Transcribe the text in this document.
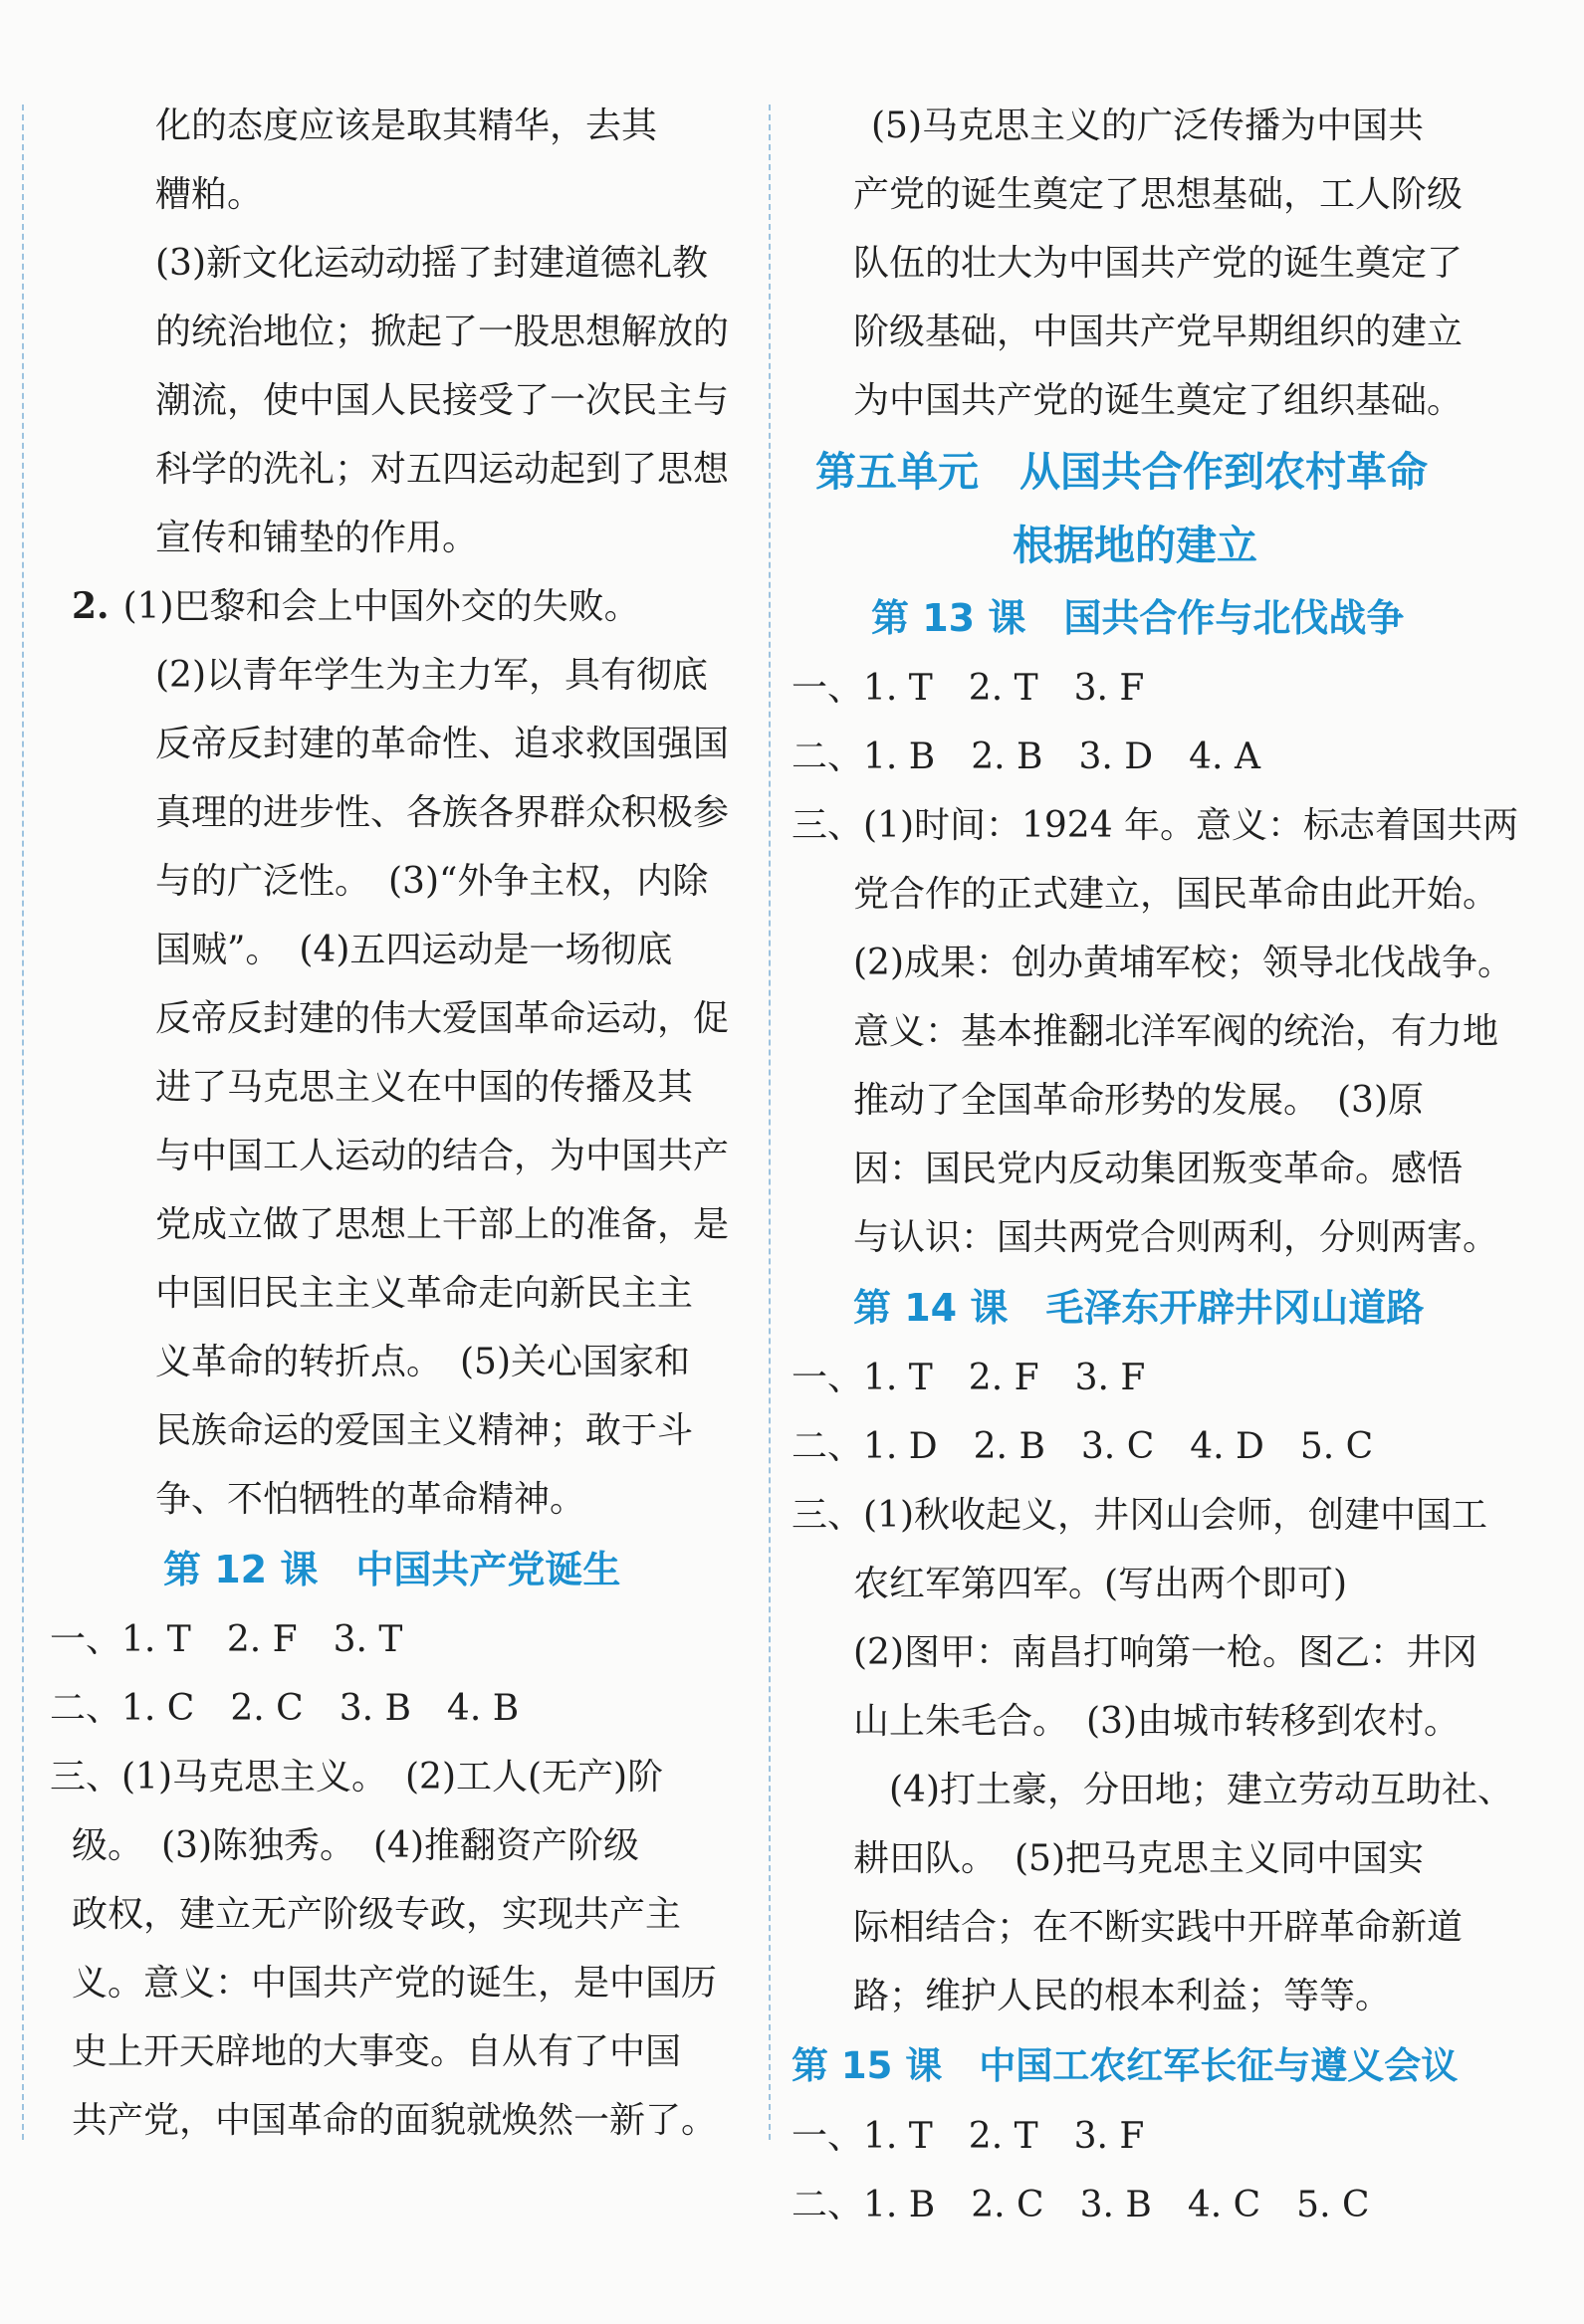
化的态度应该是取其精华，去其
糟粕。
(3)新文化运动动摇了封建道德礼教
的统治地位；掀起了一股思想解放的
潮流，使中国人民接受了一次民主与
科学的洗礼；对五四运动起到了思想
宣传和铺垫的作用。
2. (1)巴黎和会上中国外交的失败。
(2)以青年学生为主力军，具有彻底
反帝反封建的革命性、追求救国强国
真理的进步性、各族各界群众积极参
与的广泛性。　(3)“外争主权，内除
国贼”。　(4)五四运动是一场彻底
反帝反封建的伟大爱国革命运动，促
进了马克思主义在中国的传播及其
与中国工人运动的结合，为中国共产
党成立做了思想上干部上的准备，是
中国旧民主主义革命走向新民主主
义革命的转折点。　(5)关心国家和
民族命运的爱国主义精神；敢于斗
争、不怕牺牲的革命精神。
第 12 课　中国共产党诞生
一、1. T　2. F　3. T
二、1. C　2. C　3. B　4. B
三、(1)马克思主义。　(2)工人(无产)阶
级。　(3)陈独秀。　(4)推翻资产阶级
政权，建立无产阶级专政，实现共产主
义。意义：中国共产党的诞生，是中国历
史上开天辟地的大事变。自从有了中国
共产党，中国革命的面貌就焕然一新了。
(5)马克思主义的广泛传播为中国共
产党的诞生奠定了思想基础，工人阶级
队伍的壮大为中国共产党的诞生奠定了
阶级基础，中国共产党早期组织的建立
为中国共产党的诞生奠定了组织基础。
第五单元　从国共合作到农村革命
根据地的建立
第 13 课　国共合作与北伐战争
一、1. T　2. T　3. F
二、1. B　2. B　3. D　4. A
三、(1)时间：1924 年。意义：标志着国共两
党合作的正式建立，国民革命由此开始。
(2)成果：创办黄埔军校；领导北伐战争。
意义：基本推翻北洋军阀的统治，有力地
推动了全国革命形势的发展。　(3)原
因：国民党内反动集团叛变革命。感悟
与认识：国共两党合则两利，分则两害。
第 14 课　毛泽东开辟井冈山道路
一、1. T　2. F　3. F
二、1. D　2. B　3. C　4. D　5. C
三、(1)秋收起义，井冈山会师，创建中国工
农红军第四军。(写出两个即可)
(2)图甲：南昌打响第一枪。图乙：井冈
山上朱毛合。　(3)由城市转移到农村。
　(4)打土豪，分田地；建立劳动互助社、
耕田队。　(5)把马克思主义同中国实
际相结合；在不断实践中开辟革命新道
路；维护人民的根本利益；等等。
第 15 课　中国工农红军长征与遵义会议
一、1. T　2. T　3. F
二、1. B　2. C　3. B　4. C　5. C
